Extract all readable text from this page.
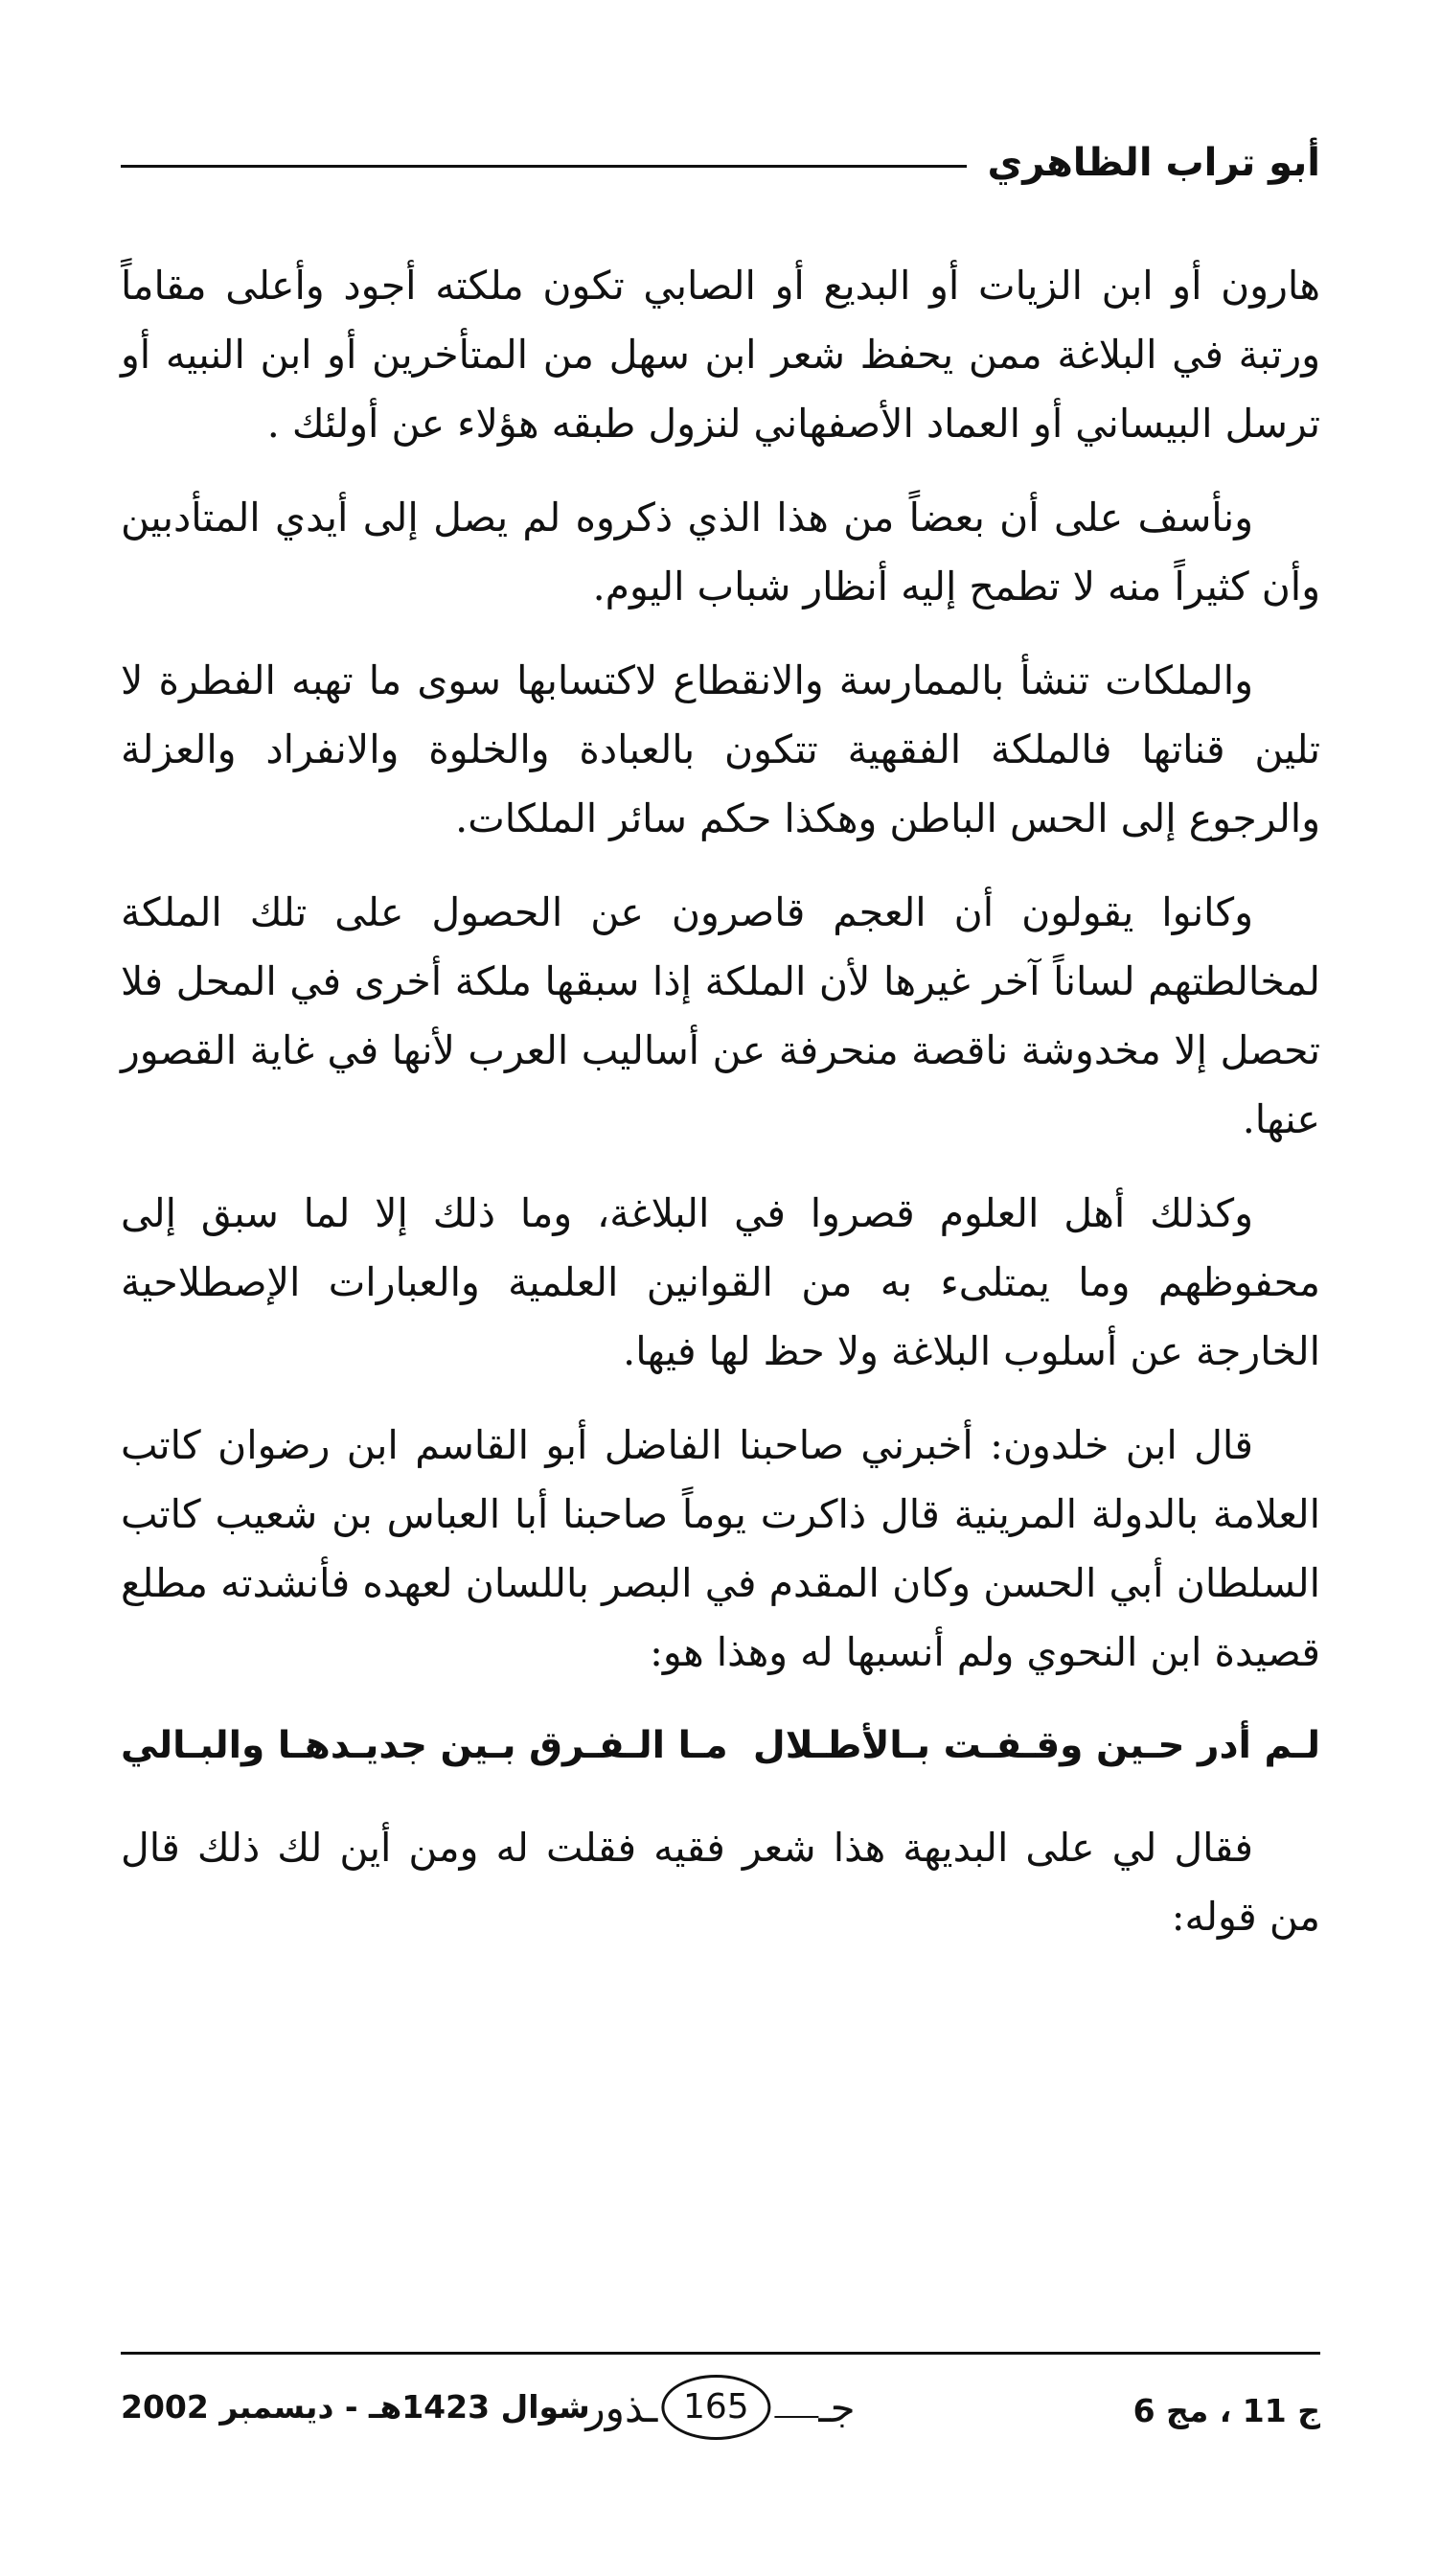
أبو تراب الظاهري

هارون أو ابن الزيات أو البديع أو الصابي تكون ملكته أجود وأعلى مقاماً ورتبة في البلاغة ممن يحفظ شعر ابن سهل من المتأخرين أو ابن النبيه أو ترسل البيساني أو العماد الأصفهاني لنزول طبقه هؤلاء عن أولئك .

ونأسف على أن بعضاً من هذا الذي ذكروه لم يصل إلى أيدي المتأدبين وأن كثيراً منه لا تطمح إليه أنظار شباب اليوم.

والملكات تنشأ بالممارسة والانقطاع لاكتسابها سوى ما تهبه الفطرة لا تلين قناتها فالملكة الفقهية تتكون بالعبادة والخلوة والانفراد والعزلة والرجوع إلى الحس الباطن وهكذا حكم سائر الملكات.

وكانوا يقولون أن العجم قاصرون عن الحصول على تلك الملكة لمخالطتهم لساناً آخر غيرها لأن الملكة إذا سبقها ملكة أخرى في المحل فلا تحصل إلا مخدوشة ناقصة منحرفة عن أساليب العرب لأنها في غاية القصور عنها.

وكذلك أهل العلوم قصروا في البلاغة، وما ذلك إلا لما سبق إلى محفوظهم وما يمتلىء به من القوانين العلمية والعبارات الإصطلاحية الخارجة عن أسلوب البلاغة ولا حظ لها فيها.

قال ابن خلدون: أخبرني صاحبنا الفاضل أبو القاسم ابن رضوان كاتب العلامة بالدولة المرينية قال ذاكرت يوماً صاحبنا أبا العباس بن شعيب كاتب السلطان أبي الحسن وكان المقدم في البصر باللسان لعهده فأنشدته مطلع قصيدة ابن النحوي ولم أنسبها له وهذا هو:

لـم أدر حـين وقـفـت بـالأطـلال
مـا الـفـرق بـين جديـدهـا والبـالي

فقال لي على البديهة هذا شعر فقيه فقلت له ومن أين لك ذلك قال من قوله:

ج 11 ، مج 6
جـ
165
ـذور
شوال 1423هـ - ديسمبر 2002
